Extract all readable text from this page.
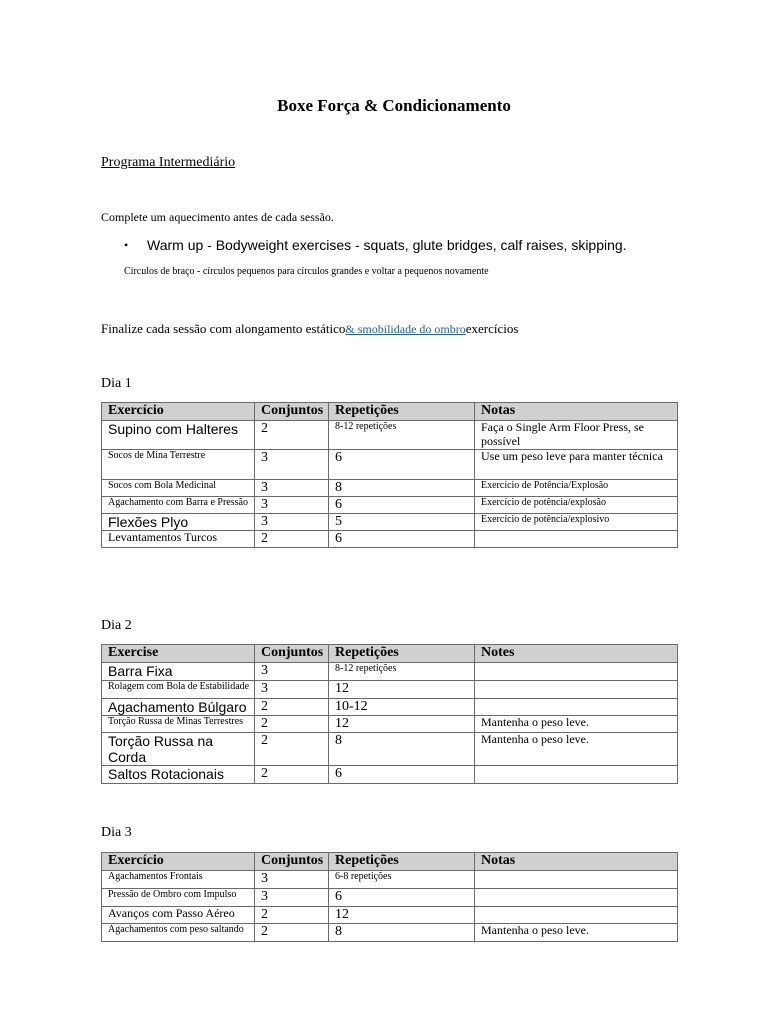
Boxe Força & Condicionamento
Programa Intermediário
Complete um aquecimento antes de cada sessão.
• Warm up - Bodyweight exercises - squats, glute bridges, calf raises, skipping.
Círculos de braço - círculos pequenos para círculos grandes e voltar a pequenos novamente
Finalize cada sessão com alongamento estático& smobilidade do ombroexercícios
Dia 1
Exercício	Conjuntos	Repetições	Notas
Supino com Halteres	2	8-12 repetições	Faça o Single Arm Floor Press, se possível
Socos de Mina Terrestre	3	6	Use um peso leve para manter técnica
Socos com Bola Medicinal	3	8	Exercício de Potência/Explosão
Agachamento com Barra e Pressão	3	6	Exercício de potência/explosão
Flexões Plyo	3	5	Exercício de potência/explosivo
Levantamentos Turcos	2	6	
Dia 2
Exercise	Conjuntos	Repetições	Notes
Barra Fixa	3	8-12 repetições	
Rolagem com Bola de Estabilidade	3	12	
Agachamento Búlgaro	2	10-12	
Torção Russa de Minas Terrestres	2	12	Mantenha o peso leve.
Torção Russa na Corda	2	8	Mantenha o peso leve.
Saltos Rotacionais	2	6	
Dia 3
Exercício	Conjuntos	Repetições	Notas
Agachamentos Frontais	3	6-8 repetições	
Pressão de Ombro com Impulso	3	6	
Avanços com Passo Aéreo	2	12	
Agachamentos com peso saltando	2	8	Mantenha o peso leve.
